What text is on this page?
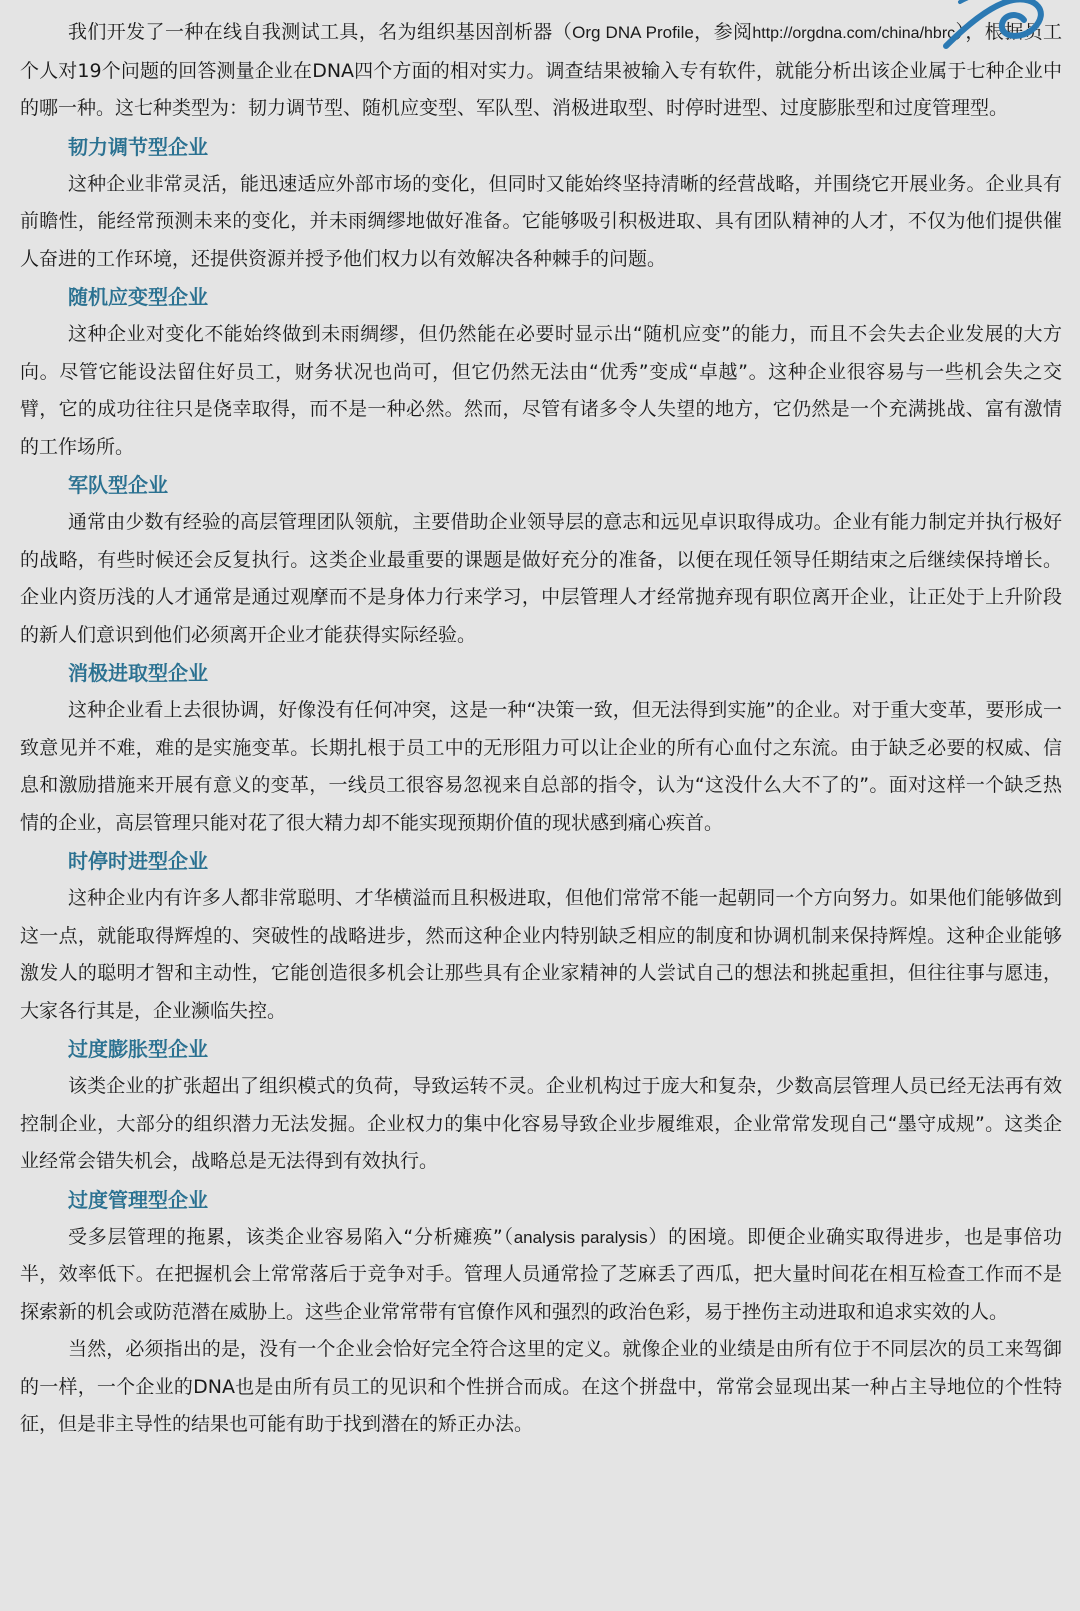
我们开发了一种在线自我测试工具，名为组织基因剖析器（Org DNA Profile，参阅http://orgdna.com/china/hbrc），根据员工个人对19个问题的回答测量企业在DNA四个方面的相对实力。调查结果被输入专有软件，就能分析出该企业属于七种企业中的哪一种。这七种类型为：韧力调节型、随机应变型、军队型、消极进取型、时停时进型、过度膨胀型和过度管理型。

韧力调节型企业

这种企业非常灵活，能迅速适应外部市场的变化，但同时又能始终坚持清晰的经营战略，并围绕它开展业务。企业具有前瞻性，能经常预测未来的变化，并未雨绸缪地做好准备。它能够吸引积极进取、具有团队精神的人才，不仅为他们提供催人奋进的工作环境，还提供资源并授予他们权力以有效解决各种棘手的问题。

随机应变型企业

这种企业对变化不能始终做到未雨绸缪，但仍然能在必要时显示出“随机应变”的能力，而且不会失去企业发展的大方向。尽管它能设法留住好员工，财务状况也尚可，但它仍然无法由“优秀”变成“卓越”。这种企业很容易与一些机会失之交臂，它的成功往往只是侥幸取得，而不是一种必然。然而，尽管有诸多令人失望的地方，它仍然是一个充满挑战、富有激情的工作场所。

军队型企业

通常由少数有经验的高层管理团队领航，主要借助企业领导层的意志和远见卓识取得成功。企业有能力制定并执行极好的战略，有些时候还会反复执行。这类企业最重要的课题是做好充分的准备，以便在现任领导任期结束之后继续保持增长。企业内资历浅的人才通常是通过观摩而不是身体力行来学习，中层管理人才经常抛弃现有职位离开企业，让正处于上升阶段的新人们意识到他们必须离开企业才能获得实际经验。

消极进取型企业

这种企业看上去很协调，好像没有任何冲突，这是一种“决策一致，但无法得到实施”的企业。对于重大变革，要形成一致意见并不难，难的是实施变革。长期扎根于员工中的无形阻力可以让企业的所有心血付之东流。由于缺乏必要的权威、信息和激励措施来开展有意义的变革，一线员工很容易忽视来自总部的指令，认为“这没什么大不了的”。面对这样一个缺乏热情的企业，高层管理只能对花了很大精力却不能实现预期价值的现状感到痛心疾首。

时停时进型企业

这种企业内有许多人都非常聪明、才华横溢而且积极进取，但他们常常不能一起朝同一个方向努力。如果他们能够做到这一点，就能取得辉煌的、突破性的战略进步，然而这种企业内特别缺乏相应的制度和协调机制来保持辉煌。这种企业能够激发人的聪明才智和主动性，它能创造很多机会让那些具有企业家精神的人尝试自己的想法和挑起重担，但往往事与愿违，大家各行其是，企业濒临失控。

过度膨胀型企业

该类企业的扩张超出了组织模式的负荷，导致运转不灵。企业机构过于庞大和复杂，少数高层管理人员已经无法再有效控制企业，大部分的组织潜力无法发掘。企业权力的集中化容易导致企业步履维艰，企业常常发现自己“墨守成规”。这类企业经常会错失机会，战略总是无法得到有效执行。

过度管理型企业

受多层管理的拖累，该类企业容易陷入“分析瘫痪”（analysis paralysis）的困境。即便企业确实取得进步，也是事倍功半，效率低下。在把握机会上常常落后于竞争对手。管理人员通常捡了芝麻丢了西瓜，把大量时间花在相互检查工作而不是探索新的机会或防范潜在威胁上。这些企业常常带有官僚作风和强烈的政治色彩，易于挫伤主动进取和追求实效的人。

当然，必须指出的是，没有一个企业会恰好完全符合这里的定义。就像企业的业绩是由所有位于不同层次的员工来驾御的一样，一个企业的DNA也是由所有员工的见识和个性拼合而成。在这个拼盘中，常常会显现出某一种占主导地位的个性特征，但是非主导性的结果也可能有助于找到潜在的矫正办法。
